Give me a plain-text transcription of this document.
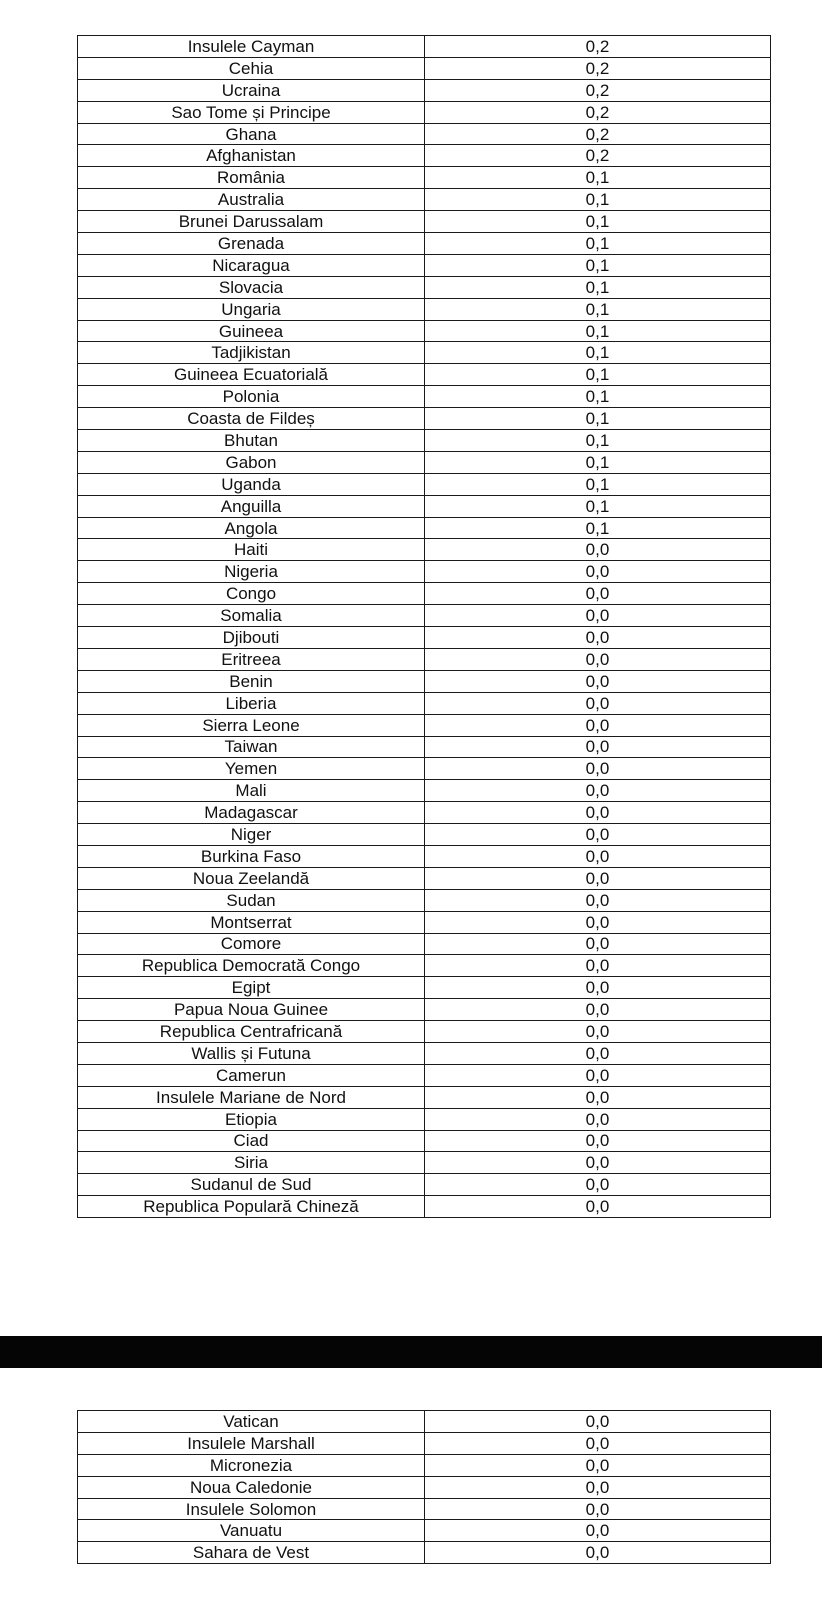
Insulele Cayman	0,2
Cehia	0,2
Ucraina	0,2
Sao Tome și Principe	0,2
Ghana	0,2
Afghanistan	0,2
România	0,1
Australia	0,1
Brunei Darussalam	0,1
Grenada	0,1
Nicaragua	0,1
Slovacia	0,1
Ungaria	0,1
Guineea	0,1
Tadjikistan	0,1
Guineea Ecuatorială	0,1
Polonia	0,1
Coasta de Fildeș	0,1
Bhutan	0,1
Gabon	0,1
Uganda	0,1
Anguilla	0,1
Angola	0,1
Haiti	0,0
Nigeria	0,0
Congo	0,0
Somalia	0,0
Djibouti	0,0
Eritreea	0,0
Benin	0,0
Liberia	0,0
Sierra Leone	0,0
Taiwan	0,0
Yemen	0,0
Mali	0,0
Madagascar	0,0
Niger	0,0
Burkina Faso	0,0
Noua Zeelandă	0,0
Sudan	0,0
Montserrat	0,0
Comore	0,0
Republica Democrată Congo	0,0
Egipt	0,0
Papua Noua Guinee	0,0
Republica Centrafricană	0,0
Wallis și Futuna	0,0
Camerun	0,0
Insulele Mariane de Nord	0,0
Etiopia	0,0
Ciad	0,0
Siria	0,0
Sudanul de Sud	0,0
Republica Populară Chineză	0,0
Vatican	0,0
Insulele Marshall	0,0
Micronezia	0,0
Noua Caledonie	0,0
Insulele Solomon	0,0
Vanuatu	0,0
Sahara de Vest	0,0
